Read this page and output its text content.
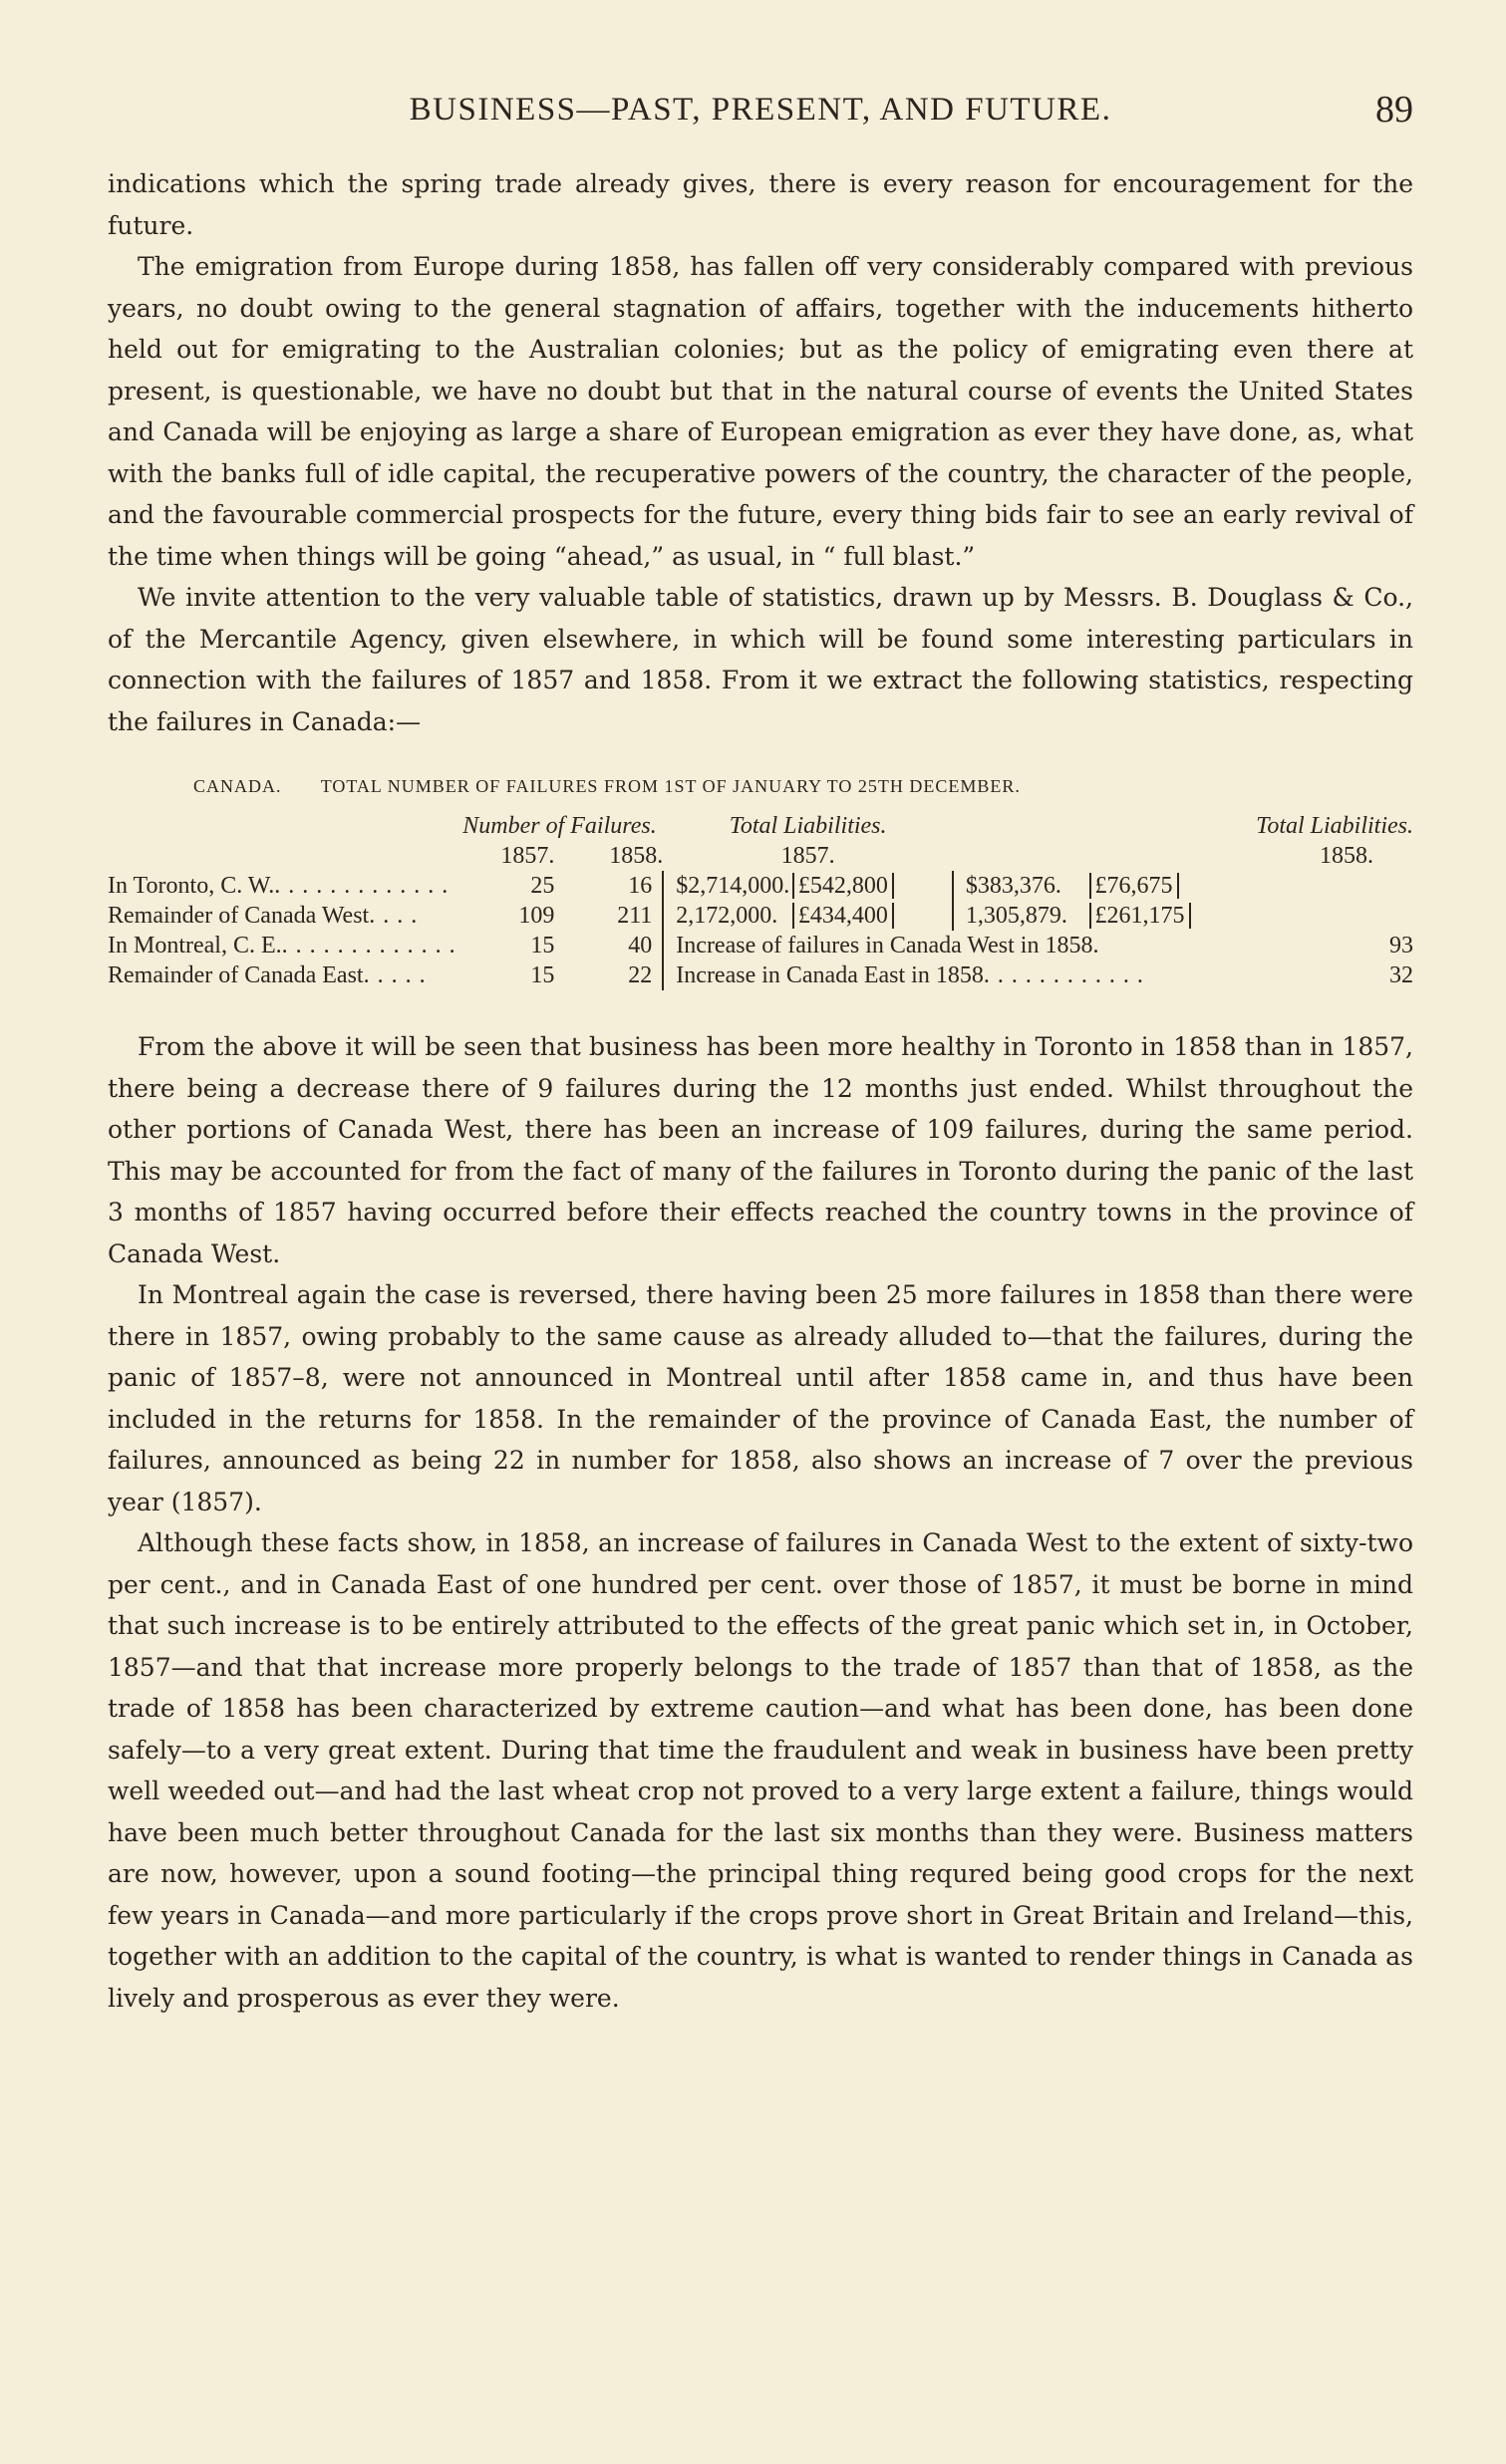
BUSINESS—PAST, PRESENT, AND FUTURE.	89

indications which the spring trade already gives, there is every reason for encouragement for the future.

The emigration from Europe during 1858, has fallen off very considerably compared with previous years, no doubt owing to the general stagnation of affairs, together with the inducements hitherto held out for emigrating to the Australian colonies; but as the policy of emigrating even there at present, is questionable, we have no doubt but that in the natural course of events the United States and Canada will be enjoying as large a share of European emigration as ever they have done, as, what with the banks full of idle capital, the recuperative powers of the country, the character of the people, and the favourable commercial prospects for the future, every thing bids fair to see an early revival of the time when things will be going “ahead,” as usual, in “ full blast.”

We invite attention to the very valuable table of statistics, drawn up by Messrs. B. Douglass & Co., of the Mercantile Agency, given elsewhere, in which will be found some interesting particulars in connection with the failures of 1857 and 1858. From it we extract the following statistics, respecting the failures in Canada:—

CANADA. TOTAL NUMBER OF FAILURES FROM 1ST OF JANUARY TO 25TH DECEMBER.
	Number of Failures.		Total Liabilities.		Total Liabilities.	
	1857.	1858.	1857.		1858.	
In Toronto, C. W.. . . . . . . . . . . . .	25	16	$2,714,000.	£542,800	$383,376.	£76,675
Remainder of Canada West. . . .	109	211	2,172,000.	£434,400	1,305,879.	£261,175
In Montreal, C. E.. . . . . . . . . . . . .	15	40	Increase of failures in Canada West in 1858. 93			

Remainder of Canada East. . . . .	15	22	Increase in Canada East in 1858. . . . . . . . . . . . 32			

From the above it will be seen that business has been more healthy in Toronto in 1858 than in 1857, there being a decrease there of 9 failures during the 12 months just ended. Whilst throughout the other portions of Canada West, there has been an increase of 109 failures, during the same period. This may be accounted for from the fact of many of the failures in Toronto during the panic of the last 3 months of 1857 having occurred before their effects reached the country towns in the province of Canada West.

In Montreal again the case is reversed, there having been 25 more failures in 1858 than there were there in 1857, owing probably to the same cause as already alluded to—that the failures, during the panic of 1857–8, were not announced in Montreal until after 1858 came in, and thus have been included in the returns for 1858. In the remainder of the province of Canada East, the number of failures, announced as being 22 in number for 1858, also shows an increase of 7 over the previous year (1857).

Although these facts show, in 1858, an increase of failures in Canada West to the extent of sixty-two per cent., and in Canada East of one hundred per cent. over those of 1857, it must be borne in mind that such increase is to be entirely attributed to the effects of the great panic which set in, in October, 1857—and that that increase more properly belongs to the trade of 1857 than that of 1858, as the trade of 1858 has been characterized by extreme caution—and what has been done, has been done safely—to a very great extent. During that time the fraudulent and weak in business have been pretty well weeded out—and had the last wheat crop not proved to a very large extent a failure, things would have been much better throughout Canada for the last six months than they were. Business matters are now, however, upon a sound footing—the principal thing requred being good crops for the next few years in Canada—and more particularly if the crops prove short in Great Britain and Ireland—this, together with an addition to the capital of the country, is what is wanted to render things in Canada as lively and prosperous as ever they were.
